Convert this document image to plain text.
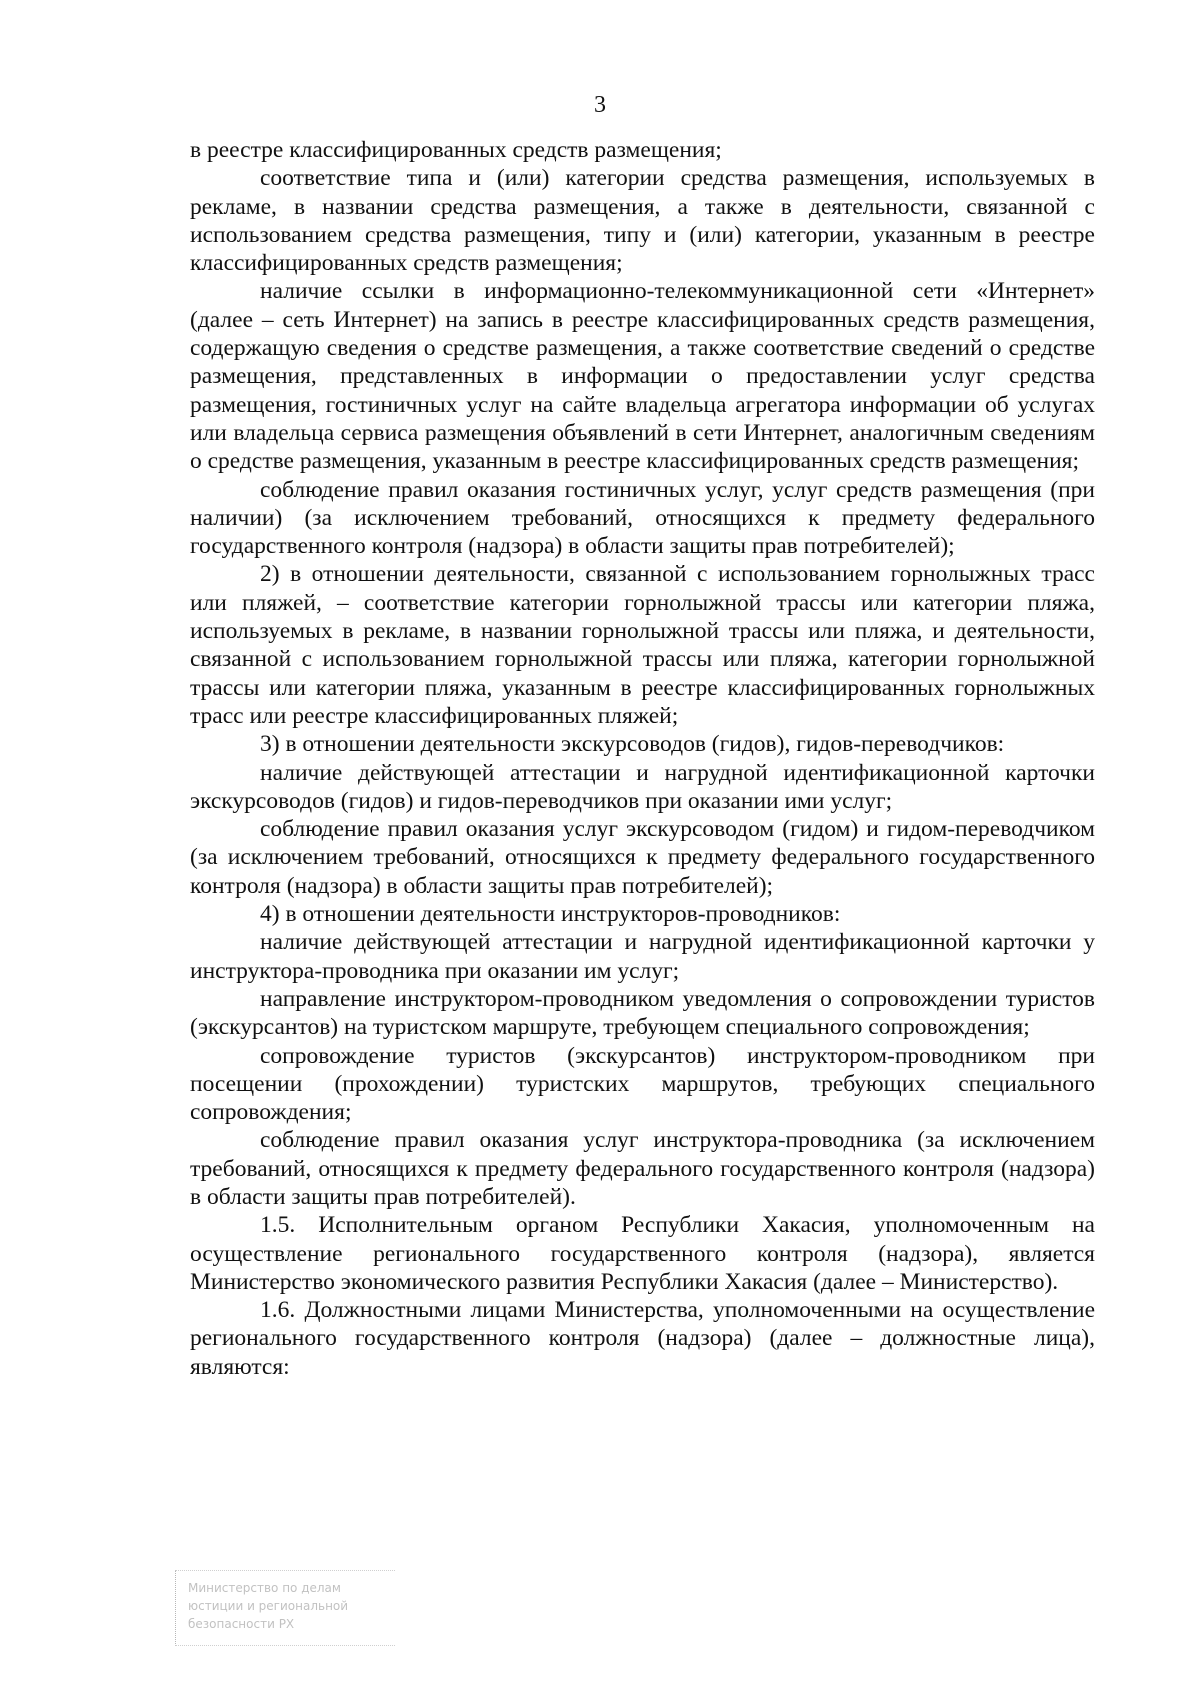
3

в реестре классифицированных средств размещения;

соответствие типа и (или) категории средства размещения, используемых в рекламе, в названии средства размещения, а также в деятельности, связанной с использованием средства размещения, типу и (или) категории, указанным в реестре классифицированных средств размещения;

наличие ссылки в информационно-телекоммуникационной сети «Интернет» (далее – сеть Интернет) на запись в реестре классифицированных средств размещения, содержащую сведения о средстве размещения, а также соответствие сведений о средстве размещения, представленных в информации о предоставлении услуг средства размещения, гостиничных услуг на сайте владельца агрегатора информации об услугах или владельца сервиса размещения объявлений в сети Интернет, аналогичным сведениям о средстве размещения, указанным в реестре классифицированных средств размещения;

соблюдение правил оказания гостиничных услуг, услуг средств размещения (при наличии) (за исключением требований, относящихся к предмету федерального государственного контроля (надзора) в области защиты прав потребителей);

2) в отношении деятельности, связанной с использованием горнолыжных трасс или пляжей, – соответствие категории горнолыжной трассы или категории пляжа, используемых в рекламе, в названии горнолыжной трассы или пляжа, и деятельности, связанной с использованием горнолыжной трассы или пляжа, категории горнолыжной трассы или категории пляжа, указанным в реестре классифицированных горнолыжных трасс или реестре классифицированных пляжей;

3) в отношении деятельности экскурсоводов (гидов), гидов-переводчиков:

наличие действующей аттестации и нагрудной идентификационной карточки экскурсоводов (гидов) и гидов-переводчиков при оказании ими услуг;

соблюдение правил оказания услуг экскурсоводом (гидом) и гидом-переводчиком (за исключением требований, относящихся к предмету федерального государственного контроля (надзора) в области защиты прав потребителей);

4) в отношении деятельности инструкторов-проводников:

наличие действующей аттестации и нагрудной идентификационной карточки у инструктора-проводника при оказании им услуг;

направление инструктором-проводником уведомления о сопровождении туристов (экскурсантов) на туристском маршруте, требующем специального сопровождения;

сопровождение туристов (экскурсантов) инструктором-проводником при посещении (прохождении) туристских маршрутов, требующих специального сопровождения;

соблюдение правил оказания услуг инструктора-проводника (за исключением требований, относящихся к предмету федерального государственного контроля (надзора) в области защиты прав потребителей).

1.5. Исполнительным органом Республики Хакасия, уполномоченным на осуществление регионального государственного контроля (надзора), является Министерство экономического развития Республики Хакасия (далее – Министерство).

1.6. Должностными лицами Министерства, уполномоченными на осуществление регионального государственного контроля (надзора) (далее – должностные лица), являются:

Министерство по делам
юстиции и региональной
безопасности РХ
